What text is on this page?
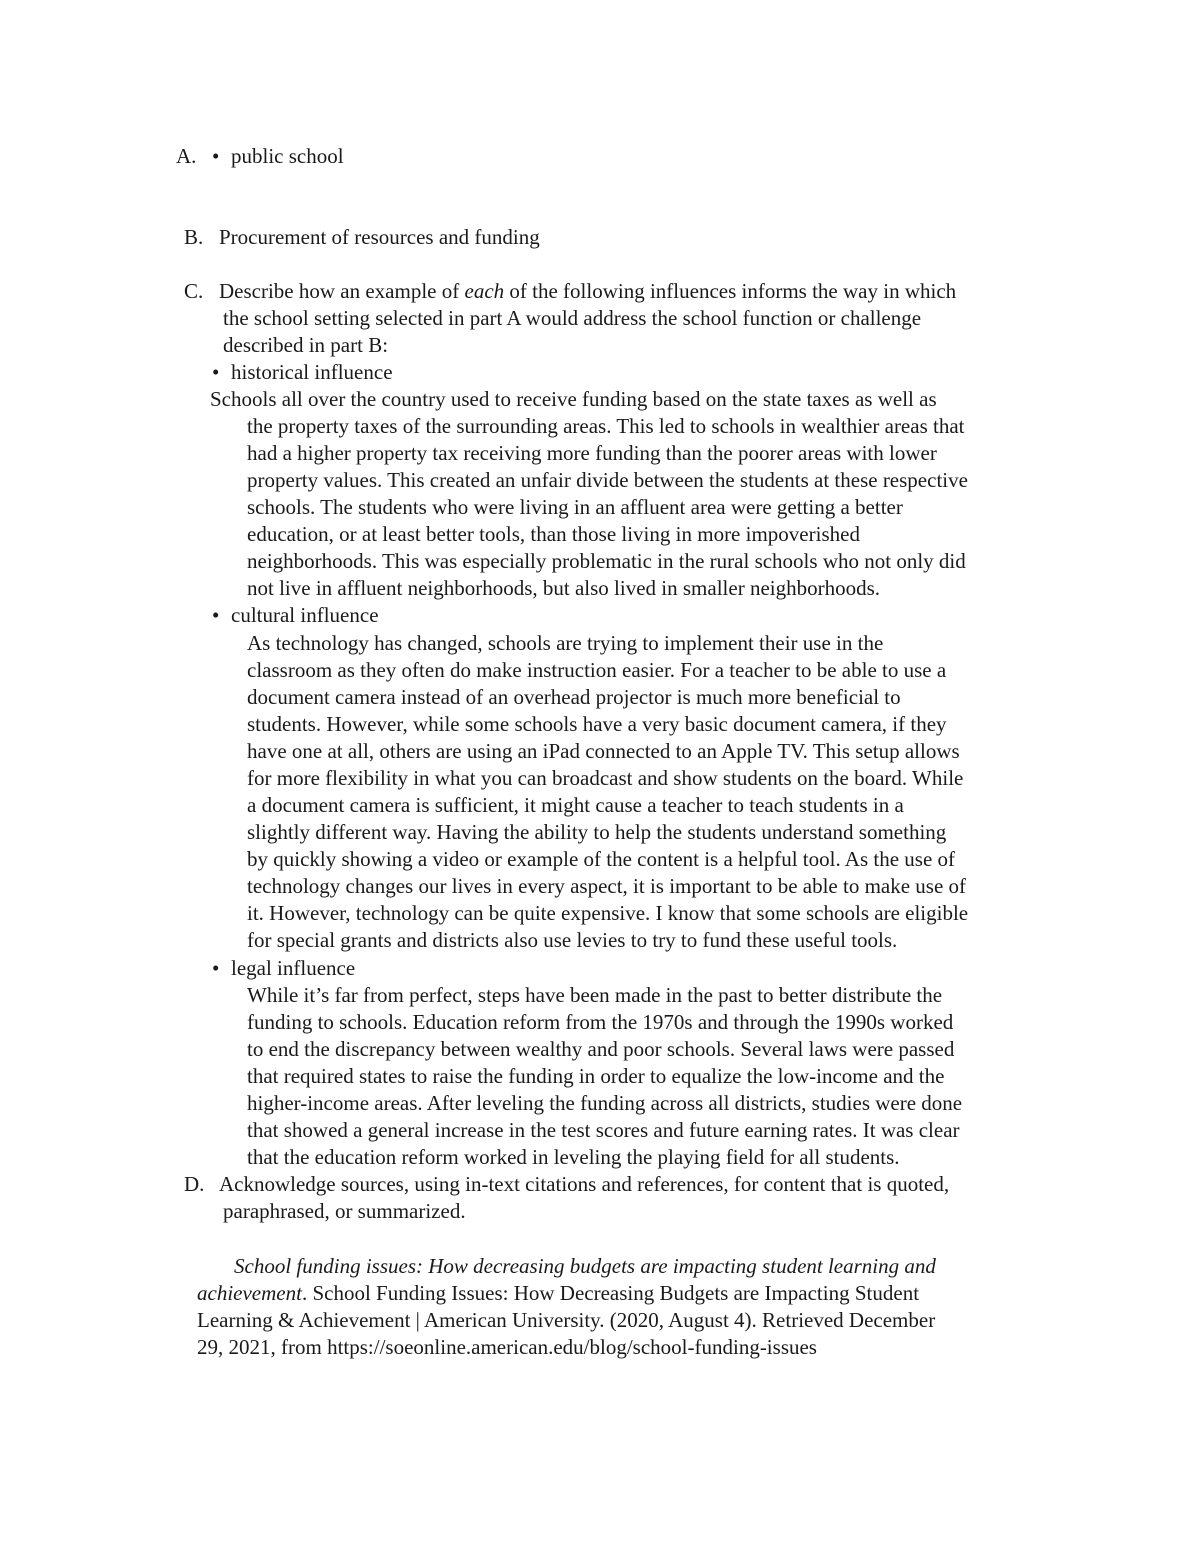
A. • public school
B. Procurement of resources and funding
C. Describe how an example of each of the following influences informs the way in which
the school setting selected in part A would address the school function or challenge
described in part B:
• historical influence
Schools all over the country used to receive funding based on the state taxes as well as
the property taxes of the surrounding areas. This led to schools in wealthier areas that
had a higher property tax receiving more funding than the poorer areas with lower
property values. This created an unfair divide between the students at these respective
schools. The students who were living in an affluent area were getting a better
education, or at least better tools, than those living in more impoverished
neighborhoods. This was especially problematic in the rural schools who not only did
not live in affluent neighborhoods, but also lived in smaller neighborhoods.
• cultural influence
As technology has changed, schools are trying to implement their use in the
classroom as they often do make instruction easier. For a teacher to be able to use a
document camera instead of an overhead projector is much more beneficial to
students. However, while some schools have a very basic document camera, if they
have one at all, others are using an iPad connected to an Apple TV. This setup allows
for more flexibility in what you can broadcast and show students on the board. While
a document camera is sufficient, it might cause a teacher to teach students in a
slightly different way. Having the ability to help the students understand something
by quickly showing a video or example of the content is a helpful tool. As the use of
technology changes our lives in every aspect, it is important to be able to make use of
it. However, technology can be quite expensive. I know that some schools are eligible
for special grants and districts also use levies to try to fund these useful tools.
• legal influence
While it’s far from perfect, steps have been made in the past to better distribute the
funding to schools. Education reform from the 1970s and through the 1990s worked
to end the discrepancy between wealthy and poor schools. Several laws were passed
that required states to raise the funding in order to equalize the low-income and the
higher-income areas. After leveling the funding across all districts, studies were done
that showed a general increase in the test scores and future earning rates. It was clear
that the education reform worked in leveling the playing field for all students.
D. Acknowledge sources, using in-text citations and references, for content that is quoted,
paraphrased, or summarized.
School funding issues: How decreasing budgets are impacting student learning and
achievement. School Funding Issues: How Decreasing Budgets are Impacting Student
Learning & Achievement | American University. (2020, August 4). Retrieved December
29, 2021, from https://soeonline.american.edu/blog/school-funding-issues
